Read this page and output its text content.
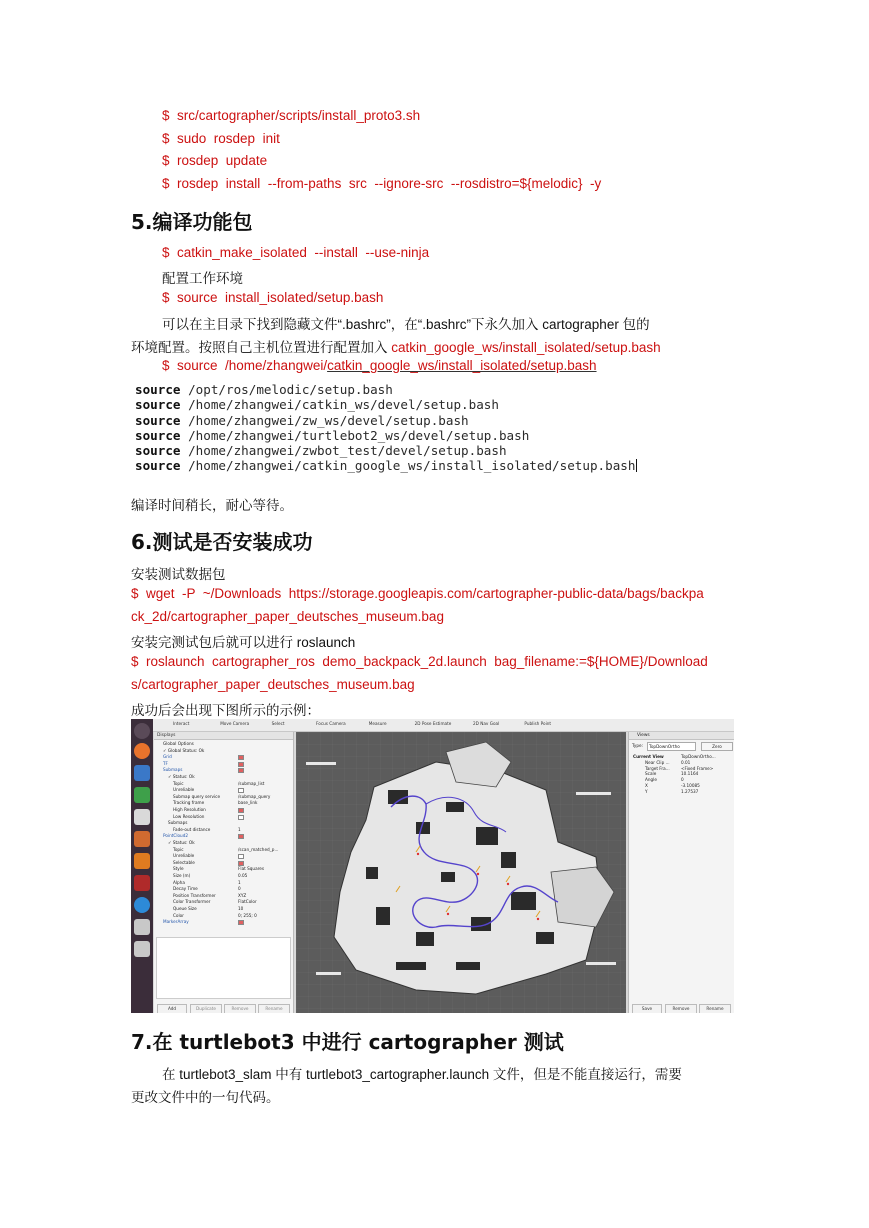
$  src/cartographer/scripts/install_proto3.sh
$  sudo  rosdep  init
$  rosdep  update
$  rosdep  install  --from-paths  src  --ignore-src  --rosdistro=${melodic}  -y
5.编译功能包
$  catkin_make_isolated  --install  --use-ninja
配置工作环境
$  source  install_isolated/setup.bash
可以在主目录下找到隐藏文件“.bashrc”，在“.bashrc”下永久加入 cartographer 包的
环境配置。按照自己主机位置进行配置加入 catkin_google_ws/install_isolated/setup.bash
$  source  /home/zhangwei/catkin_google_ws/install_isolated/setup.bash
source /opt/ros/melodic/setup.bash
source /home/zhangwei/catkin_ws/devel/setup.bash
source /home/zhangwei/zw_ws/devel/setup.bash
source /home/zhangwei/turtlebot2_ws/devel/setup.bash
source /home/zhangwei/zwbot_test/devel/setup.bash
source /home/zhangwei/catkin_google_ws/install_isolated/setup.bash
编译时间稍长，耐心等待。
6.测试是否安装成功
安装测试数据包
$  wget  -P  ~/Downloads  https://storage.googleapis.com/cartographer-public-data/bags/backpa
ck_2d/cartographer_paper_deutsches_museum.bag
安装完测试包后就可以进行 roslaunch
$  roslaunch  cartographer_ros  demo_backpack_2d.launch  bag_filename:=${HOME}/Download
s/cartographer_paper_deutsches_museum.bag
成功后会出现下图所示的示例：
Interact	Move Camera	Select	Focus Camera	Measure	2D Pose Estimate	2D Nav Goal	Publish Point
Displays
Global Options
✓ Global Status: Ok
Grid
TF
Submaps
✓ Status: Ok
Topic	/submap_list
Unreliable
Submap query service	/submap_query
Tracking frame	base_link
High Resolution
Low Resolution
Submaps
Fade-out distance	1
PointCloud2
✓ Status: Ok
Topic	/scan_matched_p...
Unreliable
Selectable
Style	Flat Squares
Size (m)	0.05
Alpha	1
Decay Time	0
Position Transformer	XYZ
Color Transformer	FlatColor
Queue Size	10
Color	0; 255; 0
MarkerArray
Add	Duplicate	Remove	Rename
Views
Type:	TopDownOrtho	Zero
Current View	TopDownOrtho...
Near Clip ...	0.01
Target Fra...	<Fixed Frame>
Scale	10.1164
Angle	0
X	-3.10085
Y	1.27537
Save	Remove	Rename
7.在 turtlebot3 中进行 cartographer 测试
在 turtlebot3_slam 中有 turtlebot3_cartographer.launch 文件，但是不能直接运行，需要
更改文件中的一句代码。
